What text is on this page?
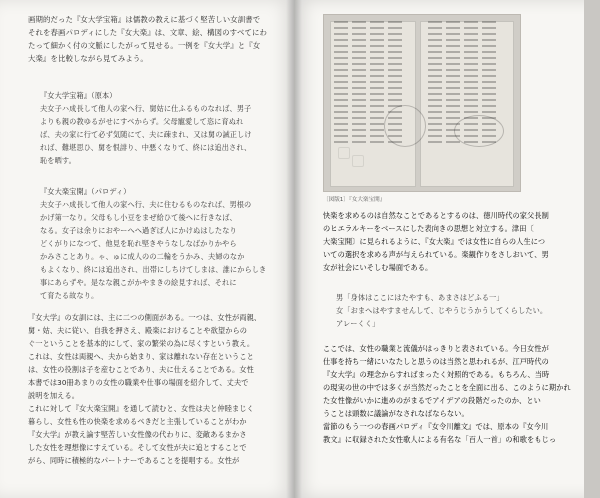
画期的だった『女大学宝箱』は儒教の教えに基づく堅苦しい女訓書で
それを春画パロディにした『女大楽』は、文章、絵、構図のすべてにわ
たって細かく付の文脈にしたがって見せる。一例を『女大学』と『女
大楽』を比較しながら見てみよう。
『女大学宝箱』（原本）
夫女子ハ成長して他人の家へ行、舅姑に仕ふるものなれば、男子
よりも親の教ゆるがせにすべからず。父母寵愛して恣に育ぬれ
ば、夫の家に行て必ず気随にて、夫に疎まれ、又は舅の誡正しけ
れば、難堪思ひ、舅を恨誹り、中悪くなりて、終には追出され、
恥を晒す。
『女大楽宝開』（パロディ）
夫女子ハ成長して他人の家へ行、夫に住むるものなれば、男根の
かげ第一なり。父母もし小豆をまぜ給ひて後へに行きなば、
なる。女子は余りにおやーへへ過ぎば人にかけぬはしたなり
どくがりになつて、他見を恥れ堅きやうなしなばかりかやら
かみさことあり。ゃ、ゅに成人のの二輪をうかみ、夫婦のなか
もよくなり、終には追出され、出帯にしちけてしまは、誰にからしき
事にあらずや。是なな親こがかやまきの絵見すれば、それに
て育たる故なり。
『女大学』の女訓には、主に二つの側面がある。一つは、女性が両親、
舅・姑、夫に従い、自我を押さえ、殿楽におけることや欲望からの
ぐ一ということを基本的にして、家の繁栄の為に尽くすという教え。
これは、女性は両親へ、夫から始まり、家は離れない存在ということ
は、女性の役割は子を産むことであり、夫に仕えることである。女性
本書では30冊あまりの女性の職業や仕事の場面を紹介して、丈夫で
説明を加える。
これに対して『女大楽宝開』を通して読むと、女性は夫と仲睦まじく
暮らし、女性も性の快楽を求めるべきだと主張していることがわか
『女大学』が教え論す堅苦しい女性像の代わりに、変敵あるまかさ
した女性を理想像にすえている。そして女性が夫に追とすることで
がら、同時に積極的なパートナーであることを提唱する。女性が
〔図版1〕『女大楽宝開』
快楽を求めるのは自然なことであるとするのは、徳川時代の家父長制
のヒエラルキーをベースにした表向きの思想と対立する。津田〔
大楽宝開〕に見られるように、『女大楽』では女性に自らの人生につ
いての選択を求める声が与えられている。楽観作りをさしおいて、男
女が社会にいそしむ場面である。
男「身体はここにはたやすも、あまさはどふる一」
女「おまへはやすませんして、じやうじうかうしてくらしたい。
アレーくく」
ここでは、女性の職業と流儀がはっきりと表されている。今日女性が
仕事を持ち一緒にいなたしと思うのは当然と思われるが、江戸時代の
『女大学』の理念からすればまったく対照的である。もちろん、当時
の現実の世の中では多くが当然だったことを全面に出る、このように期かれ
た女性像がいかに進めのがまるでアイデアの段階だったのか、とい
うことは頭数に議論がなされなばならない。
當節のもう一つの春画パロディ『女令川離文』では、原本の『女今川
教文』に収録された女性歌人による有名な「百人一首」の和歌をもじっ
